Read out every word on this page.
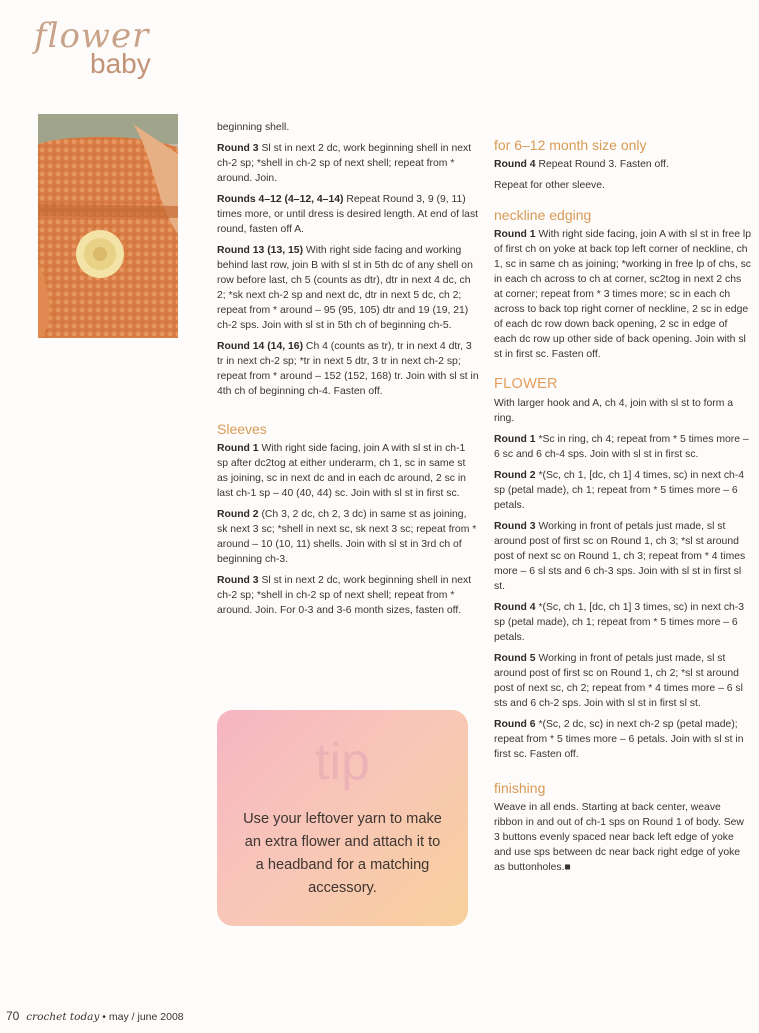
flower
baby

beginning shell.

Round 3 Sl st in next 2 dc, work beginning shell in next ch-2 sp; *shell in ch-2 sp of next shell; repeat from * around. Join.

Rounds 4–12 (4–12, 4–14) Repeat Round 3, 9 (9, 11) times more, or until dress is desired length. At end of last round, fasten off A.

Round 13 (13, 15) With right side facing and working behind last row, join B with sl st in 5th dc of any shell on row before last, ch 5 (counts as dtr), dtr in next 4 dc, ch 2; *sk next ch-2 sp and next dc, dtr in next 5 dc, ch 2; repeat from * around – 95 (95, 105) dtr and 19 (19, 21) ch-2 sps. Join with sl st in 5th ch of beginning ch-5.

Round 14 (14, 16) Ch 4 (counts as tr), tr in next 4 dtr, 3 tr in next ch-2 sp; *tr in next 5 dtr, 3 tr in next ch-2 sp; repeat from * around – 152 (152, 168) tr. Join with sl st in 4th ch of beginning ch-4. Fasten off.

Sleeves

Round 1 With right side facing, join A with sl st in ch-1 sp after dc2tog at either underarm, ch 1, sc in same st as joining, sc in next dc and in each dc around, 2 sc in last ch-1 sp – 40 (40, 44) sc. Join with sl st in first sc.

Round 2 (Ch 3, 2 dc, ch 2, 3 dc) in same st as joining, sk next 3 sc; *shell in next sc, sk next 3 sc; repeat from * around – 10 (10, 11) shells. Join with sl st in 3rd ch of beginning ch-3.

Round 3 Sl st in next 2 dc, work beginning shell in next ch-2 sp; *shell in ch-2 sp of next shell; repeat from * around. Join. For 0-3 and 3-6 month sizes, fasten off.

for 6–12 month size only

Round 4 Repeat Round 3. Fasten off.

Repeat for other sleeve.

neckline edging

Round 1 With right side facing, join A with sl st in free lp of first ch on yoke at back top left corner of neckline, ch 1, sc in same ch as joining; *working in free lp of chs, sc in each ch across to ch at corner, sc2tog in next 2 chs at corner; repeat from * 3 times more; sc in each ch across to back top right corner of neckline, 2 sc in edge of each dc row down back opening, 2 sc in edge of each dc row up other side of back opening. Join with sl st in first sc. Fasten off.

FLOWER

With larger hook and A, ch 4, join with sl st to form a ring.

Round 1 *Sc in ring, ch 4; repeat from * 5 times more – 6 sc and 6 ch-4 sps. Join with sl st in first sc.

Round 2 *(Sc, ch 1, [dc, ch 1] 4 times, sc) in next ch-4 sp (petal made), ch 1; repeat from * 5 times more – 6 petals.

Round 3 Working in front of petals just made, sl st around post of first sc on Round 1, ch 3; *sl st around post of next sc on Round 1, ch 3; repeat from * 4 times more – 6 sl sts and 6 ch-3 sps. Join with sl st in first sl st.

Round 4 *(Sc, ch 1, [dc, ch 1] 3 times, sc) in next ch-3 sp (petal made), ch 1; repeat from * 5 times more – 6 petals.

Round 5 Working in front of petals just made, sl st around post of first sc on Round 1, ch 2; *sl st around post of next sc, ch 2; repeat from * 4 times more – 6 sl sts and 6 ch-2 sps. Join with sl st in first sl st.

Round 6 *(Sc, 2 dc, sc) in next ch-2 sp (petal made); repeat from * 5 times more – 6 petals. Join with sl st in first sc. Fasten off.

finishing

Weave in all ends. Starting at back center, weave ribbon in and out of ch-1 sps on Round 1 of body. Sew 3 buttons evenly spaced near back left edge of yoke and use sps between dc near back right edge of yoke as buttonholes.■

tip
Use your leftover yarn to make an extra flower and attach it to a headband for a matching accessory.
70 crochet today • may / june 2008
